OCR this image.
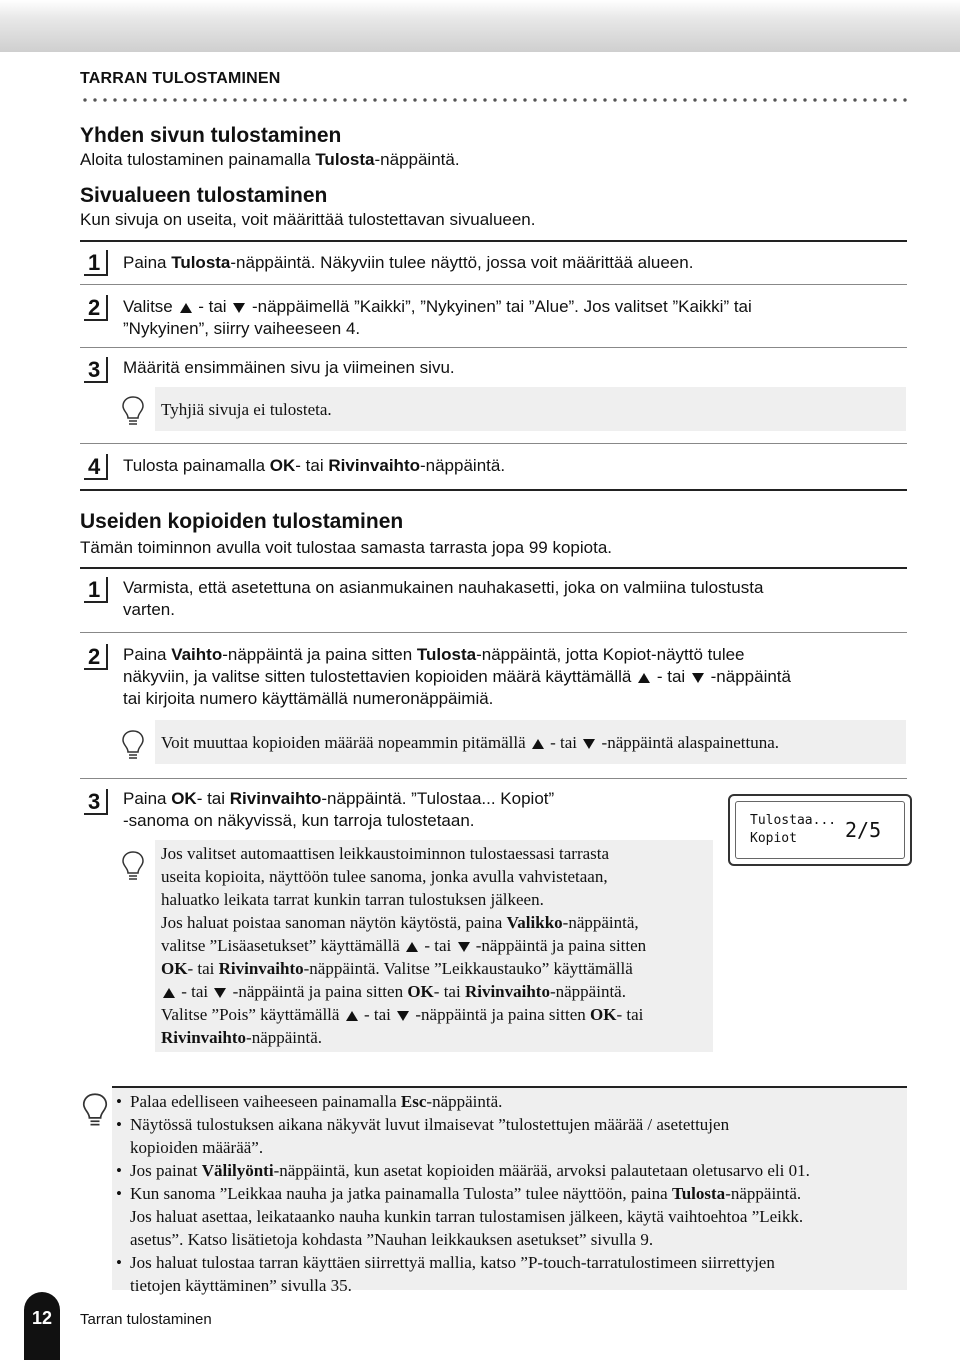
TARRAN TULOSTAMINEN
Yhden sivun tulostaminen
Aloita tulostaminen painamalla Tulosta-näppäintä.
Sivualueen tulostaminen
Kun sivuja on useita, voit määrittää tulostettavan sivualueen.
1	Paina Tulosta-näppäintä. Näkyviin tulee näyttö, jossa voit määrittää alueen.
2	Valitse  - tai  -näppäimellä ”Kaikki”, ”Nykyinen” tai ”Alue”. Jos valitset ”Kaikki” tai
”Nykyinen”, siirry vaiheeseen 4.
3	Määritä ensimmäinen sivu ja viimeinen sivu.
Tyhjiä sivuja ei tulosteta.
4	Tulosta painamalla OK- tai Rivinvaihto-näppäintä.
Useiden kopioiden tulostaminen
Tämän toiminnon avulla voit tulostaa samasta tarrasta jopa 99 kopiota.
1	Varmista, että asetettuna on asianmukainen nauhakasetti, joka on valmiina tulostusta
varten.
2	Paina Vaihto-näppäintä ja paina sitten Tulosta-näppäintä, jotta Kopiot-näyttö tulee
näkyviin, ja valitse sitten tulostettavien kopioiden määrä käyttämällä  - tai  -näppäintä
tai kirjoita numero käyttämällä numeronäppäimiä.
Voit muuttaa kopioiden määrää nopeammin pitämällä  - tai  -näppäintä alaspainettuna.
3	Paina OK- tai Rivinvaihto-näppäintä. ”Tulostaa... Kopiot”
-sanoma on näkyvissä, kun tarroja tulostetaan.	Tulostaa...
Kopiot 2/5
Jos valitset automaattisen leikkaustoiminnon tulostaessasi tarrasta
useita kopioita, näyttöön tulee sanoma, jonka avulla vahvistetaan,
haluatko leikata tarrat kunkin tarran tulostuksen jälkeen.
Jos haluat poistaa sanoman näytön käytöstä, paina Valikko-näppäintä,
valitse ”Lisäasetukset” käyttämällä  - tai  -näppäintä ja paina sitten
OK- tai Rivinvaihto-näppäintä. Valitse ”Leikkaustauko” käyttämällä
- tai  -näppäintä ja paina sitten OK- tai Rivinvaihto-näppäintä.
Valitse ”Pois” käyttämällä  - tai  -näppäintä ja paina sitten OK- tai
Rivinvaihto-näppäintä.
• Palaa edelliseen vaiheeseen painamalla Esc-näppäintä.
• Näytössä tulostuksen aikana näkyvät luvut ilmaisevat ”tulostettujen määrää / asetettujen
kopioiden määrää”.
• Jos painat Välilyönti-näppäintä, kun asetat kopioiden määrää, arvoksi palautetaan oletusarvo eli 01.
• Kun sanoma ”Leikkaa nauha ja jatka painamalla Tulosta” tulee näyttöön, paina Tulosta-näppäintä.
Jos haluat asettaa, leikataanko nauha kunkin tarran tulostamisen jälkeen, käytä vaihtoehtoa ”Leikk.
asetus”. Katso lisätietoja kohdasta ”Nauhan leikkauksen asetukset” sivulla 9.
• Jos haluat tulostaa tarran käyttäen siirrettyä mallia, katso ”P-touch-tarratulostimeen siirrettyjen
tietojen käyttäminen” sivulla 35.
12	Tarran tulostaminen
